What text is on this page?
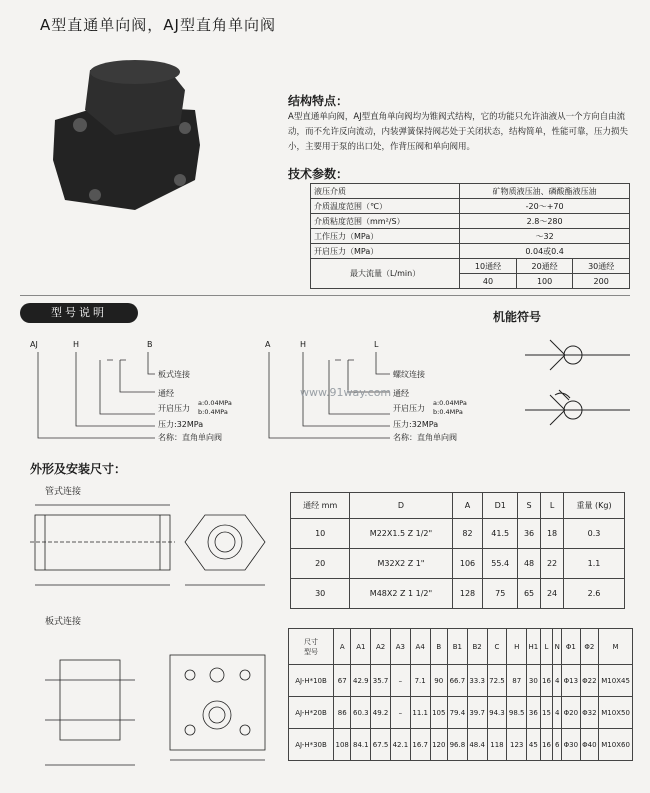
A型直通单向阀，AJ型直角单向阀
结构特点：
A型直通单向阀，AJ型直角单向阀均为锥阀式结构，它的功能只允许油液从一个方向自由流动，而不允许反向流动，内装弹簧保持阀芯处于关闭状态，结构简单，性能可靠，压力损失小，主要用于泵的出口处，作背压阀和单向阀用。
技术参数：
液压介质	矿物质液压油、磷酸酯液压油		
介质温度范围（℃）	-20～+70		
介质粘度范围（mm²/S）	2.8～280		
工作压力（MPa）	～32		
开启压力（MPa）	0.04或0.4		
最大流量（L/min）	10通经	20通经	30通经
	40	100	200
型号说明
AJ	H	B
板式连接
通经
开启压力
a:0.04MPa
b:0.4MPa
压力:32MPa
名称：直角单向阀
A	H	L
螺纹连接
通经
开启压力
a:0.04MPa
b:0.4MPa
压力:32MPa
名称：直角单向阀
www.91way.com
机能符号
外形及安装尺寸：
管式连接
通经 mm	D	A	D1	S	L	重量 (Kg)
10	M22X1.5 Z 1/2"	82	41.5	36	18	0.3
20	M32X2 Z 1"	106	55.4	48	22	1.1
30	M48X2 Z 1 1/2"	128	75	65	24	2.6
板式连接
尺寸
型号	A	A1	A2	A3	A4	B	B1	B2	C	H	H1	L	N	Φ1	Φ2	M
AJ-H*10B	67	42.9	35.7	–	7.1	90	66.7	33.3	72.5	87	30	16	4	Φ13	Φ22	M10X45
AJ-H*20B	86	60.3	49.2	–	11.1	105	79.4	39.7	94.3	98.5	36	15	4	Φ20	Φ32	M10X50
AJ-H*30B	108	84.1	67.5	42.1	16.7	120	96.8	48.4	118	123	45	16	6	Φ30	Φ40	M10X60
